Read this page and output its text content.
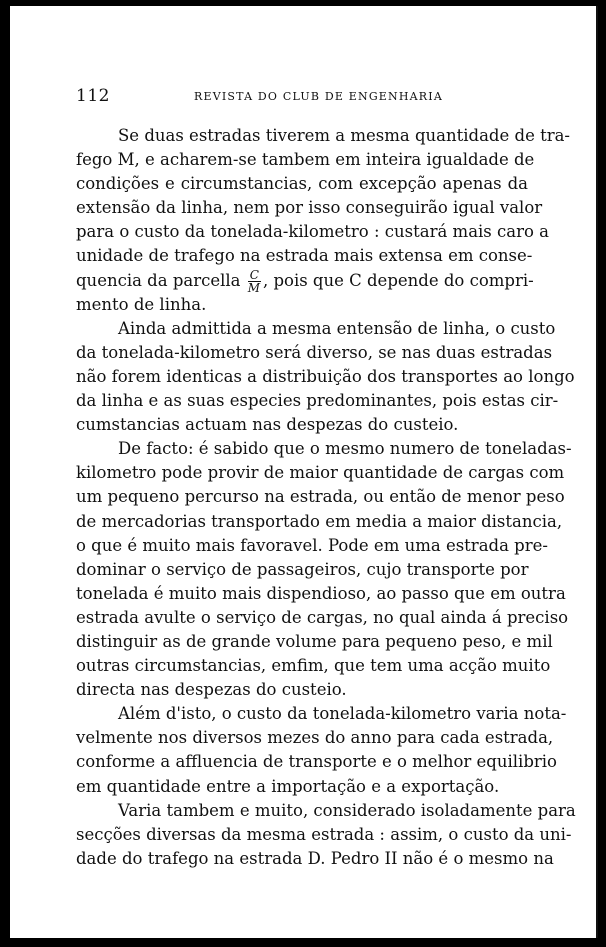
112	REVISTA DO CLUB DE ENGENHARIA
Se duas estradas tiverem a mesma quantidade de tra-
fego M, e acharem-se tambem em inteira igualdade de
condições e circumstancias, com excepção apenas da
extensão da linha, nem por isso conseguirão igual valor
para o custo da tonelada-kilometro : custará mais caro a
unidade de trafego na estrada mais extensa em conse-
quencia da parcella $\frac{C}{M}$ , pois que C depende do compri-
mento de linha.
Ainda admittida a mesma entensão de linha, o custo
da tonelada-kilometro será diverso, se nas duas estradas
não forem identicas a distribuição dos transportes ao longo
da linha e as suas especies predominantes, pois estas cir-
cumstancias actuam nas despezas do custeio.
De facto: é sabido que o mesmo numero de toneladas-
kilometro pode provir de maior quantidade de cargas com
um pequeno percurso na estrada, ou então de menor peso
de mercadorias transportado em media a maior distancia,
o que é muito mais favoravel. Pode em uma estrada pre-
dominar o serviço de passageiros, cujo transporte por
tonelada é muito mais dispendioso, ao passo que em outra
estrada avulte o serviço de cargas, no qual ainda á preciso
distinguir as de grande volume para pequeno peso, e mil
outras circumstancias, emfim, que tem uma acção muito
directa nas despezas do custeio.
Além d'isto, o custo da tonelada-kilometro varia nota-
velmente nos diversos mezes do anno para cada estrada,
conforme a affluencia de transporte e o melhor equilibrio
em quantidade entre a importação e a exportação.
Varia tambem e muito, considerado isoladamente para
secções diversas da mesma estrada : assim, o custo da uni-
dade do trafego na estrada D. Pedro II não é o mesmo na
